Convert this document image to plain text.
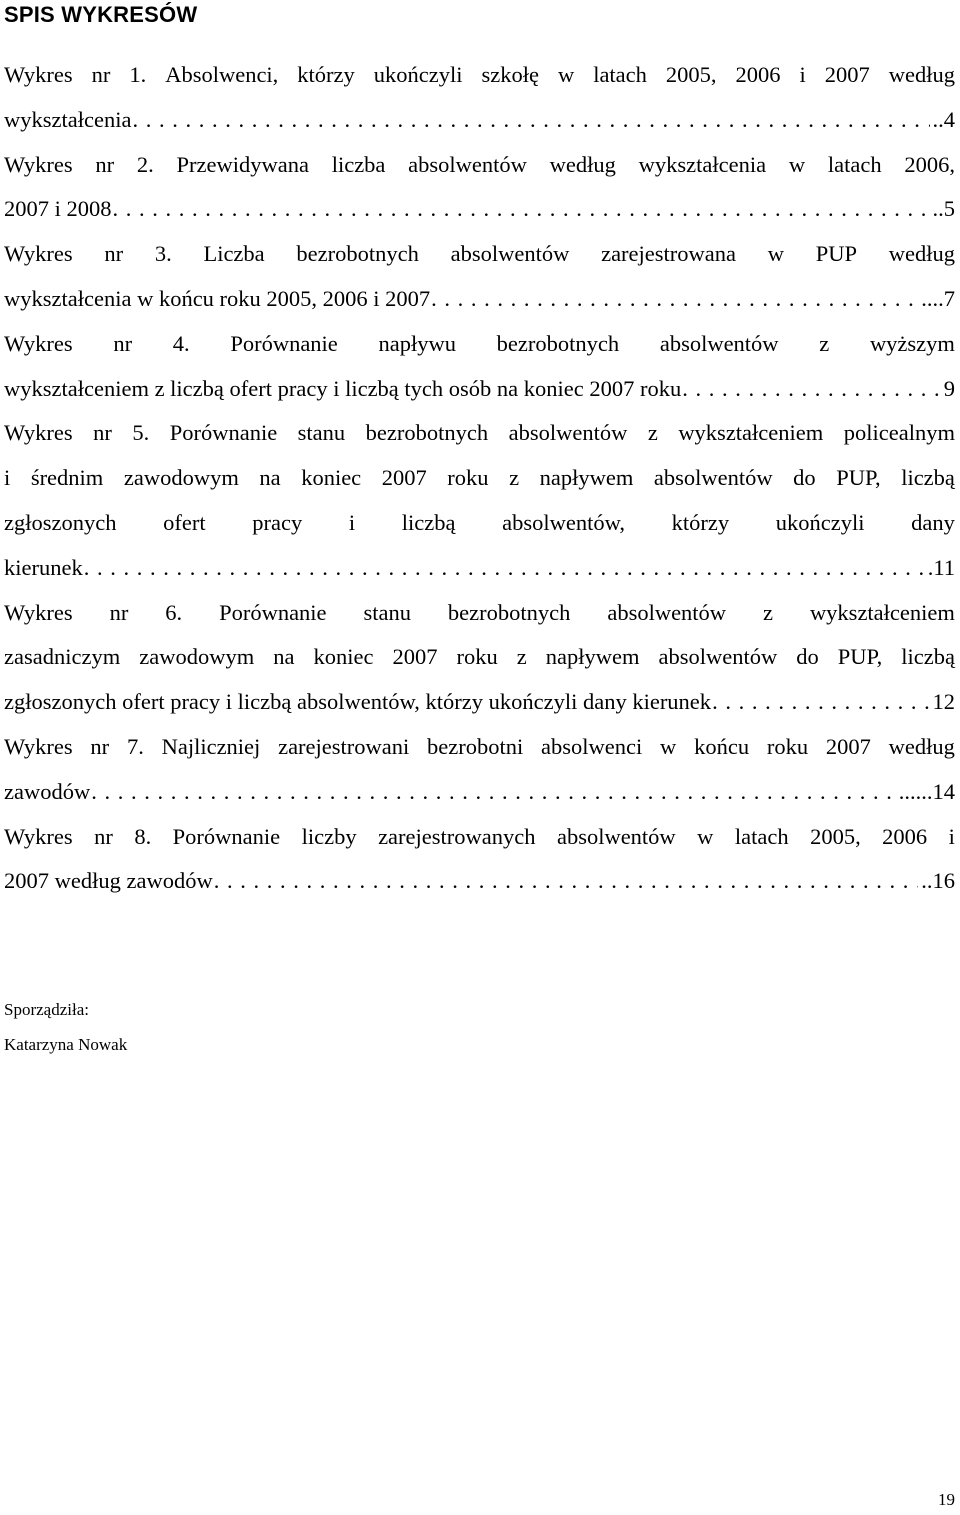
SPIS WYKRESÓW
Wykres nr 1. Absolwenci, którzy ukończyli szkołę w latach 2005, 2006 i 2007 według
wykształcenia . . .	..4
Wykres nr 2. Przewidywana liczba absolwentów według wykształcenia w latach 2006,
2007 i 2008 . . .	..5
Wykres nr 3. Liczba bezrobotnych absolwentów zarejestrowana w PUP według
wykształcenia w końcu roku 2005, 2006 i 2007 . . .	....7
Wykres nr 4. Porównanie napływu bezrobotnych absolwentów z wyższym
wykształceniem z liczbą ofert pracy i liczbą tych osób na koniec 2007 roku . . .	9
Wykres nr 5. Porównanie stanu bezrobotnych absolwentów z wykształceniem policealnym
i średnim zawodowym na koniec 2007 roku z napływem absolwentów do PUP, liczbą
zgłoszonych ofert pracy i liczbą absolwentów, którzy ukończyli dany
kierunek . . .	.11
Wykres nr 6. Porównanie stanu bezrobotnych absolwentów z wykształceniem
zasadniczym zawodowym na koniec 2007 roku z napływem absolwentów do PUP, liczbą
zgłoszonych ofert pracy i liczbą absolwentów, którzy ukończyli dany kierunek . . .	12
Wykres nr 7. Najliczniej zarejestrowani bezrobotni absolwenci w końcu roku 2007 według
zawodów . . .	......14
Wykres nr 8. Porównanie liczby zarejestrowanych absolwentów w latach 2005, 2006 i
2007 według zawodów . . .	..16
Sporządziła:
Katarzyna Nowak
19
